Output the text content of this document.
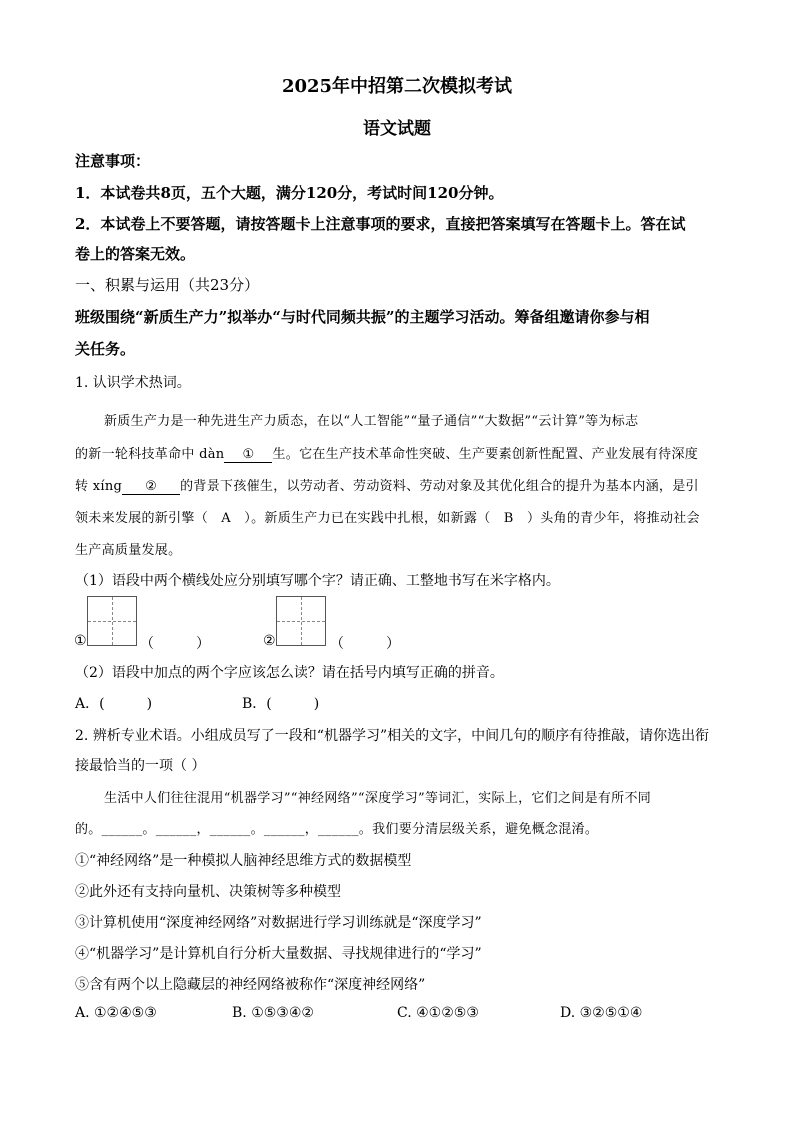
2025年中招第二次模拟考试
语文试题
注意事项：
1．本试卷共8页，五个大题，满分120分，考试时间120分钟。
2．本试卷上不要答题，请按答题卡上注意事项的要求，直接把答案填写在答题卡上。答在试
卷上的答案无效。
一、积累与运用（共23分）
班级围绕“新质生产力”拟举办“与时代同频共振”的主题学习活动。筹备组邀请你参与相
关任务。
1. 认识学术热词。
新质生产力是一种先进生产力质态，在以“人工智能”“量子通信”“大数据”“云计算”等为标志
的新一轮科技革命中 dàn ① 生。它在生产技术革命性突破、生产要素创新性配置、产业发展有待深度
转 xíng ② 的背景下孩催生，以劳动者、劳动资料、劳动对象及其优化组合的提升为基本内涵，是引
领未来发展的新引擎（　A　）。新质生产力已在实践中扎根，如新露（　B　）头角的青少年，将推动社会
生产高质量发展。
（1）语段中两个横线处应分别填写哪个字？请正确、工整地书写在米字格内。
①	（　　　）	②	（　　　）
（2）语段中加点的两个字应该怎么读？请在括号内填写正确的拼音。
A．(　　　)	B．(　　　)
2. 辨析专业术语。小组成员写了一段和“机器学习”相关的文字，中间几句的顺序有待推敲，请你选出衔
接最恰当的一项（ ）
生活中人们往往混用“机器学习”“神经网络”“深度学习”等词汇，实际上，它们之间是有所不同
的。______。______，______。______，______。我们要分清层级关系，避免概念混淆。
①“神经网络”是一种模拟人脑神经思维方式的数据模型
②此外还有支持向量机、决策树等多种模型
③计算机使用“深度神经网络”对数据进行学习训练就是“深度学习”
④“机器学习”是计算机自行分析大量数据、寻找规律进行的“学习”
⑤含有两个以上隐藏层的神经网络被称作“深度神经网络”
A. ①②④⑤③	B. ①⑤③④②	C. ④①②⑤③	D. ③②⑤①④
